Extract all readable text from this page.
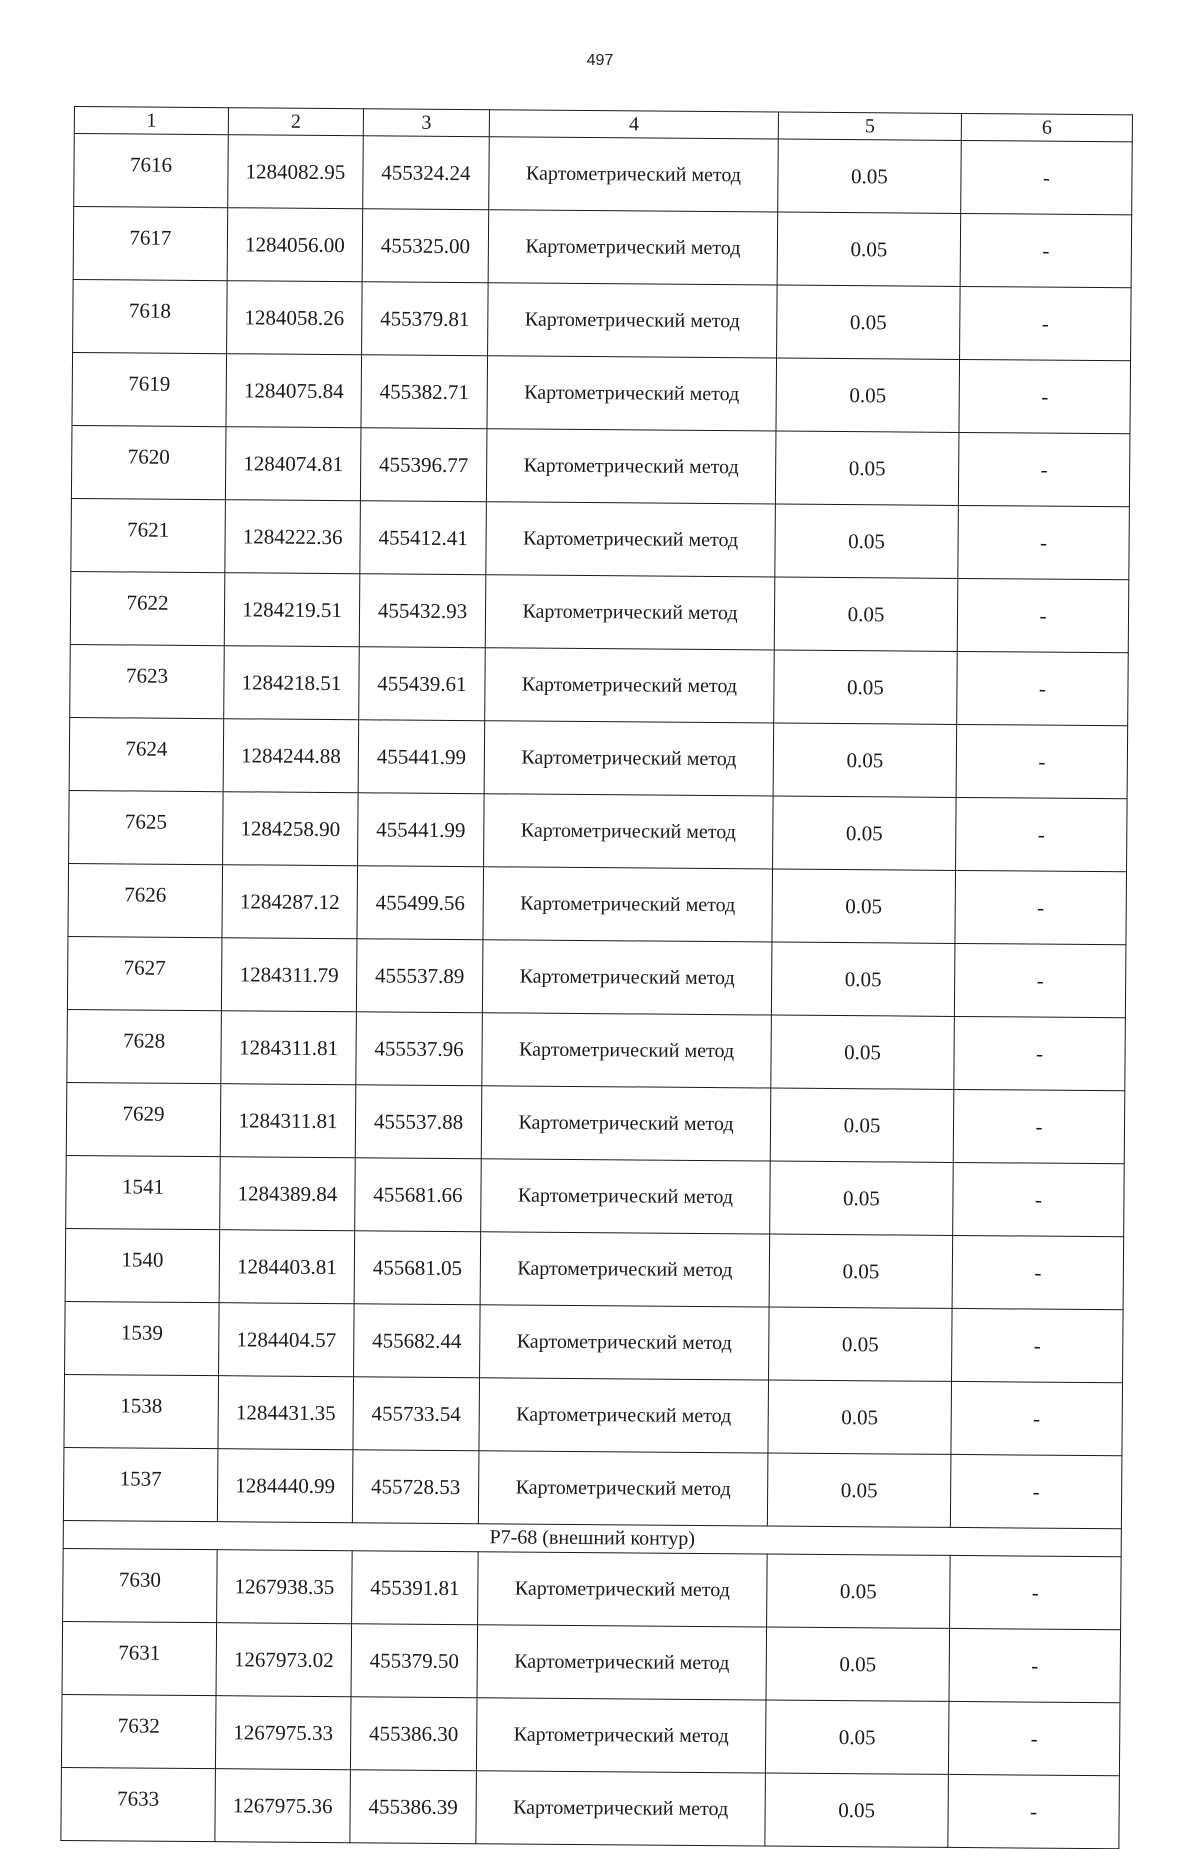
497
1	2	3	4	5	6
7616	1284082.95	455324.24	Картометрический метод	0.05	-
7617	1284056.00	455325.00	Картометрический метод	0.05	-
7618	1284058.26	455379.81	Картометрический метод	0.05	-
7619	1284075.84	455382.71	Картометрический метод	0.05	-
7620	1284074.81	455396.77	Картометрический метод	0.05	-
7621	1284222.36	455412.41	Картометрический метод	0.05	-
7622	1284219.51	455432.93	Картометрический метод	0.05	-
7623	1284218.51	455439.61	Картометрический метод	0.05	-
7624	1284244.88	455441.99	Картометрический метод	0.05	-
7625	1284258.90	455441.99	Картометрический метод	0.05	-
7626	1284287.12	455499.56	Картометрический метод	0.05	-
7627	1284311.79	455537.89	Картометрический метод	0.05	-
7628	1284311.81	455537.96	Картометрический метод	0.05	-
7629	1284311.81	455537.88	Картометрический метод	0.05	-
1541	1284389.84	455681.66	Картометрический метод	0.05	-
1540	1284403.81	455681.05	Картометрический метод	0.05	-
1539	1284404.57	455682.44	Картометрический метод	0.05	-
1538	1284431.35	455733.54	Картометрический метод	0.05	-
1537	1284440.99	455728.53	Картометрический метод	0.05	-
Р7-68 (внешний контур)					
7630	1267938.35	455391.81	Картометрический метод	0.05	-
7631	1267973.02	455379.50	Картометрический метод	0.05	-
7632	1267975.33	455386.30	Картометрический метод	0.05	-
7633	1267975.36	455386.39	Картометрический метод	0.05	-
